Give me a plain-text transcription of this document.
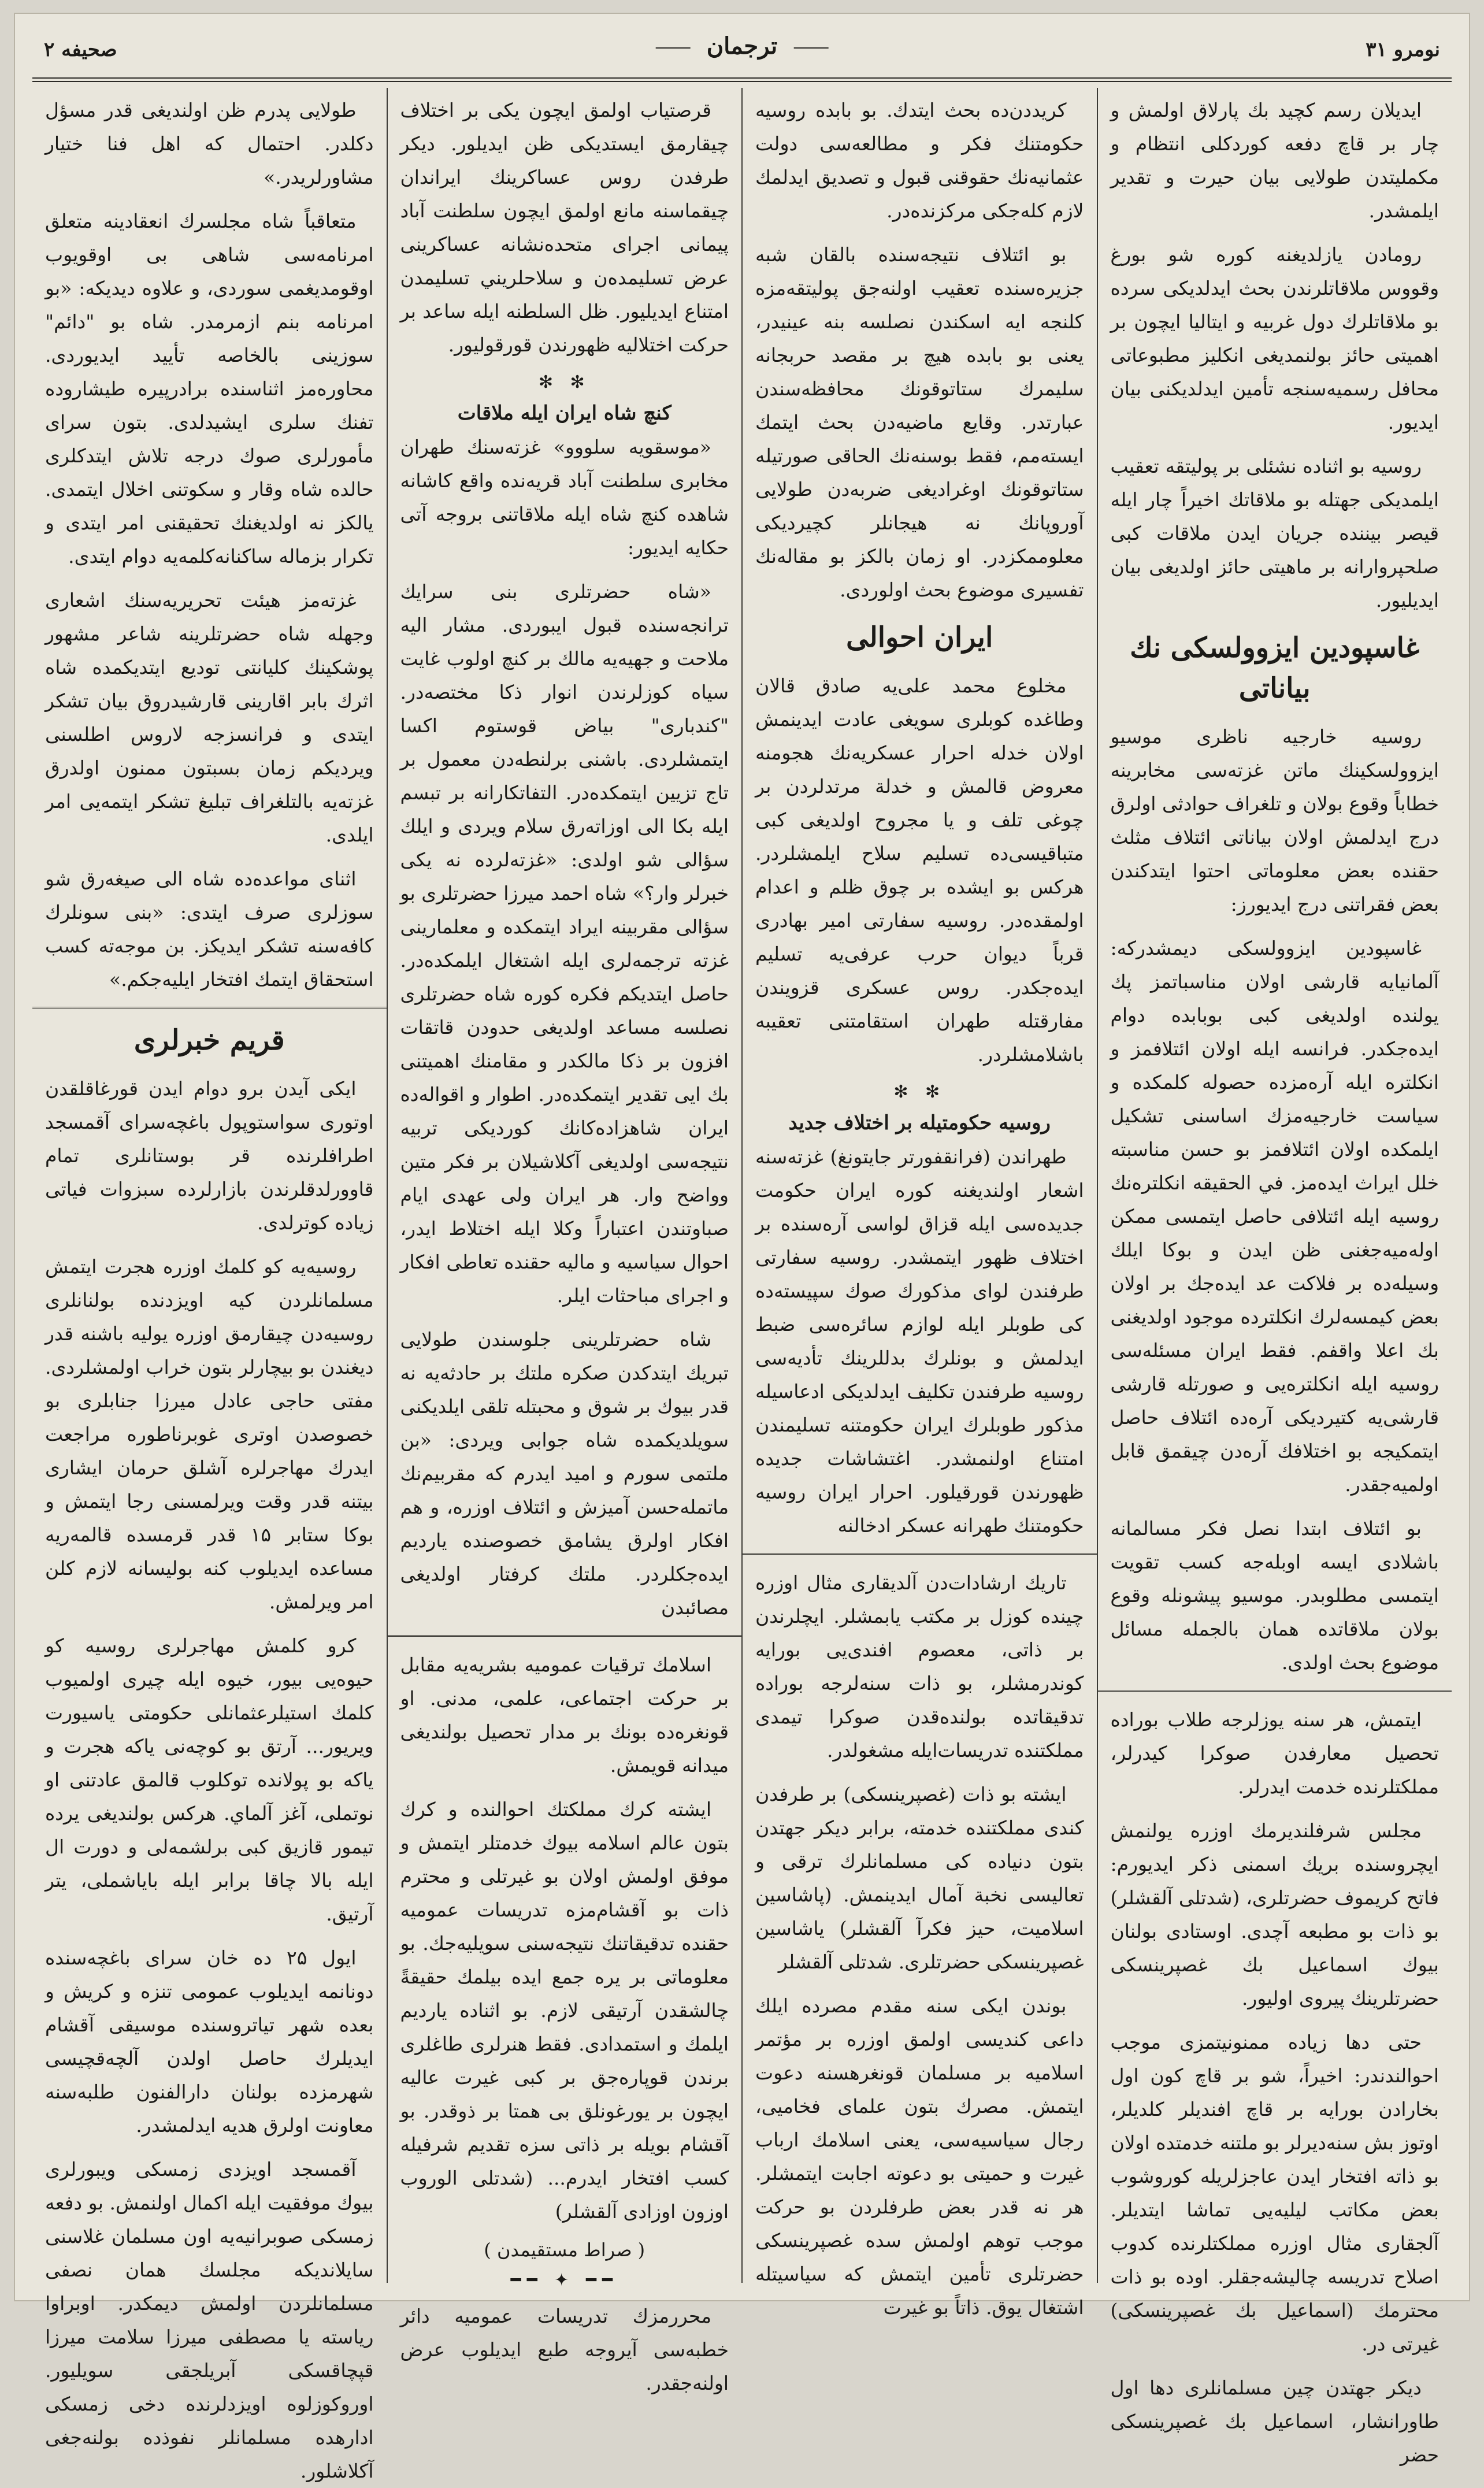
نومرو ۳۱
ترجمان
صحيفه ۲

ايديلان رسم كچيد بك پارلاق اولمش و چار بر قاچ دفعه كوردكلى انتظام و مكمليتدن طولايى بيان حيرت و تقدير ايلمشدر.

رومادن يازلديغنه كوره شو بورغ وقووس ملاقاتلرندن بحث ايدلديكى سرده بو ملاقاتلرك دول غربيه و ايتاليا ايچون بر اهميتى حائز بولنمديغى انكليز مطبوعاتى محافل رسميه‌سنجه تأمين ايدلديكنى بيان ايديور.

روسيه بو اثناده نشئلى بر پوليتقه تعقيب ايلمديكى جهتله بو ملاقاتك اخيراً چار ايله قيصر بيننده جريان ايدن ملاقات كبى صلحپروارانه بر ماهيتى حائز اولديغى بيان ايديليور.

غاسپودين ايزوولسكى نك بياناتى

روسيه خارجيه ناظرى موسيو ايزوولسكينك ماتن غزته‌سى مخابرينه خطاباً وقوع بولان و تلغراف حوادثى اولرق درج ايدلمش اولان بياناتى ائتلاف مثلث حقنده بعض معلوماتى احتوا ايتدكندن بعض فقراتنى درج ايديورز:

غاسپودين ايزوولسكى ديمشدركه: آلمانيايه قارشى اولان مناسباتمز پك يولنده اولديغى كبى بوبابده دوام ايده‌جكدر. فرانسه ايله اولان ائتلافمز و انكلتره ايله آره‌مزده حصوله كلمكده و سياست خارجيه‌مزك اساسنى تشكيل ايلمكده اولان ائتلافمز بو حسن مناسبته خلل ايراث ايده‌مز. في الحقيقه انكلتره‌نك روسيه ايله ائتلافى حاصل ايتمسى ممكن اوله‌ميه‌جغنى ظن ايدن و بوكا ايلك وسيله‌ده بر فلاكت عد ايده‌جك بر اولان بعض كيمسه‌لرك انكلترده موجود اولديغنى بك اعلا واقفم. فقط ايران مسئله‌سى روسيه ايله انكلتره‌يى و صورتله قارشى قارشى‌يه كتيرديكى آره‌ده ائتلاف حاصل ايتمكيجه بو اختلافك آره‌دن چيقمق قابل اولميه‌جقدر.

بو ائتلاف ابتدا نصل فكر مسالمانه باشلادى ايسه اوبله‌جه كسب تقويت ايتمسى مطلوبدر. موسيو پيشونله وقوع بولان ملاقاتده همان بالجمله مسائل موضوع بحث اولدى.

ايتمش، هر سنه يوزلرجه طلاب بوراده تحصيل معارفدن صوكرا كيدرلر، مملكتلرنده خدمت ايدرلر.

مجلس شرفلنديرمك اوزره يولنمش ايچروسنده بريك اسمنى ذكر ايديورم: فاتح كريموف حضرتلرى، (شدتلى آلقشلر) بو ذات بو مطبعه آچدى. اوستادى بولنان بيوك اسماعيل بك غصپرينسكى حضرتلرينك پيروى اوليور.

حتى دها زياده ممنونيتمزى موجب احوالندندر: اخيراً، شو بر قاچ كون اول بخارادن بورايه بر قاچ افنديلر كلديلر، اوتوز بش سنه‌ديرلر بو ملتنه خدمتده اولان بو ذاته افتخار ايدن عاجزلريله كوروشوب بعض مكاتب ليليه‌يى تماشا ايتديلر. آلجقارى مثال اوزره مملكتلرنده كدوب اصلاح تدريسه چاليشه‌جقلر. اوده بو ذات محترمك (اسماعيل بك غصپرينسكى) غيرتى در.

ديكر جهتدن چين مسلمانلرى دها اول طاورانشار، اسماعيل بك غصپرينسكى حضر

كريددن‌ده بحث ايتدك. بو بابده روسيه حكومتنك فكر و مطالعه‌سى دولت عثمانيه‌نك حقوقنى قبول و تصديق ايدلمك لازم كله‌جكى مركزنده‌در.

بو ائتلاف نتيجه‌سنده بالقان شبه جزيره‌سنده تعقيب اولنه‌جق پوليتقه‌مزه كلنجه ايه اسكندن نصلسه بنه عينيدر، يعنى بو بابده هيچ بر مقصد حربجانه سليمرك ستاتوقونك محافظه‌سندن عبارتدر. وقايع ماضيه‌دن بحث ايتمك ايسته‌مم، فقط بوسنه‌نك الحاقى صورتيله ستاتوقونك اوغراديغى ضربه‌دن طولايى آوروپانك نه هيجانلر كچيرديكى معلوممكزدر. او زمان بالكز بو مقاله‌نك تفسيرى موضوع بحث اولوردى.

ايران احوالى

مخلوع محمد على‌يه صادق قالان وطاغده كوبلرى سويغى عادت ايدينمش اولان خدله احرار عسكريه‌نك هجومنه معروض قالمش و خدلة مرتدلردن بر چوغى تلف و يا مجروح اولديغى كبى متباقيسى‌ده تسليم سلاح ايلمشلردر. هركس بو ايشده بر چوق ظلم و اعدام اولمقده‌در. روسيه سفارتى امير بهادرى قرباً ديوان حرب عرفى‌يه تسليم ايده‌جكدر. روس عسكرى قزويندن مفارقتله طهران استقامتنى تعقيبه باشلامشلردر.

✻ ✻
روسيه حكومتيله بر اختلاف جديد

طهراندن (فرانقفورتر جايتونغ) غزته‌سنه اشعار اولنديغنه كوره ايران حكومت جديده‌سى ايله قزاق لواسى آره‌سنده بر اختلاف ظهور ايتمشدر. روسيه سفارتى طرفندن لواى مذكورك صوك سپيسته‌ده كى طوبلر ايله لوازم سائره‌سى ضبط ايدلمش و بونلرك بدللرينك تأديه‌سى روسيه طرفندن تكليف ايدلديكى ادعاسيله مذكور طوبلرك ايران حكومتنه تسليمندن امتناع اولنمشدر. اغتشاشات جديده ظهورندن قورقيلور. احرار ايران روسيه حكومتنك طهرانه عسكر ادخالنه

تاريك ارشادات‌دن آلديقارى مثال اوزره چينده كوزل بر مكتب يابمشلر. ايچلرندن بر ذاتى، معصوم افندى‌يى بورايه كوندرمشلر، بو ذات سنه‌لرجه بوراده تدقيقاتده بولنده‌قدن صوكرا تيمدى مملكتنده تدريسات‌ايله مشغولدر.

ايشته بو ذات (غصپرينسكى) بر طرفدن كندى مملكتنده خدمته، برابر ديكر جهتدن بتون دنياده كى مسلمانلرك ترقى و تعاليسى نخبة آمال ايدينمش. (پاشاسين اسلاميت، حيز فكرآ آلقشلر) ياشاسين غصپرينسكى حضرتلرى. شدتلى آلقشلر

بوندن ايكى سنه مقدم مصرده ايلك داعى كنديسى اولمق اوزره بر مؤتمر اسلاميه بر مسلمان قونغرهسنه دعوت ايتمش. مصرك بتون علماى فخاميى، رجال سياسيه‌سى، يعنى اسلامك ارباب غيرت و حميتى بو دعوته اجابت ايتمشلر. هر نه قدر بعض طرفلردن بو حركت موجب توهم اولمش سده غصپرينسكى حضرتلرى تأمين ايتمش كه سياسيتله اشتغال يوق. ذاتاً بو غيرت

قرصتياب اولمق ايچون يكى بر اختلاف چيقارمق ايستديكى ظن ايديلور. ديكر طرفدن روس عساكرينك ايراندان چيقماسنه مانع اولمق ايچون سلطنت آباد پيمانى اجراى متحده‌نشانه عساكرينى عرض تسليمده‌ن و سلاحلريني تسليمدن امتناع ايديليور. ظل السلطنه ايله ساعد بر حركت اختلاليه ظهورندن قورقوليور.

✻ ✻
كنچ شاه ايران ايله ملاقات

«موسقويه سلووو» غزته‌سنك طهران مخابرى سلطنت آباد قريه‌نده واقع كاشانه شاهده كنچ شاه ايله ملاقاتنى بروجه آتى حكايه ايديور:

«شاه حضرتلرى بنى سرايك ترانجه‌سنده قبول ايبوردى. مشار اليه ملاحت و جهيه‌يه مالك بر كنچ اولوب غايت سياه كوزلرندن انوار ذكا مختصه‌در. "كندبارى" بياض قوستوم اكسا ايتمشلردى. باشنى برلنطه‌دن معمول بر تاج تزيين ايتمكده‌در. التفاتكارانه بر تبسم ايله بكا الى اوزاته‌رق سلام ويردى و ايلك سؤالى شو اولدى: «غزته‌لرده نه يكى خبرلر وار؟» شاه احمد ميرزا حضرتلرى بو سؤالى مقربينه ايراد ايتمكده و معلمارينى غزته ترجمه‌لرى ايله اشتغال ايلمكده‌در. حاصل ايتديكم فكره كوره شاه حضرتلرى نصلسه مساعد اولديغى حدودن قاتقات افزون بر ذكا مالكدر و مقامنك اهميتنى بك ايى تقدير ايتمكده‌در. اطوار و اقواله‌ده ايران شاهزاده‌كانك كورديكى تربيه نتيجه‌سى اولديغى آكلاشيلان بر فكر متين وواضح وار. هر ايران ولى عهدى ايام صباوتندن اعتباراً وكلا ايله اختلاط ايدر، احوال سياسيه و ماليه حقنده تعاطى افكار و اجراى مباحثات ايلر.

شاه حضرتلرينى جلوسندن طولايى تبريك ايتدكدن صكره ملتك بر حادثه‌يه نه قدر بيوك بر شوق و محبتله تلقى ايلديكنى سويلديكمده شاه جوابى ويردى: «بن ملتمى سورم و اميد ايدرم كه مقربيم‌نك ماتمله‌حسن آميزش و ائتلاف اوزره، و هم افكار اولرق يشامق خصوصنده يارديم ايده‌جكلردر. ملتك كرفتار اولديغى مصائبدن

اسلامك ترقيات عموميه بشريه‌يه مقابل بر حركت اجتماعى، علمى، مدنى. او قونغره‌ده بونك بر مدار تحصيل بولنديغى ميدانه قويمش.

ايشته كرك مملكتك احوالنده و كرك بتون عالم اسلامه بيوك خدمتلر ايتمش و موفق اولمش اولان بو غيرتلى و محترم ذات بو آقشام‌مزه تدريسات عموميه حقنده تدقيقاتنك نتيجه‌سنى سويليه‌جك. بو معلوماتى بر يره جمع ايده بيلمك حقيقةً چالشقدن آرتيقى لازم. بو اثناده يارديم ايلمك و استمدادى. فقط هنرلرى طاغلرى برندن قوپاره‌جق بر كبى غيرت عاليه ايچون بر يورغونلق بى همتا بر ذوقدر. بو آقشام بويله بر ذاتى سزه تقديم شرفيله كسب افتخار ايدرم... (شدتلى الوروب اوزون اوزادى آلقشلر)

( صراط مستقيمدن )
━━ ✦ ━━

محررمزك تدريسات عموميه دائر خطبه‌سى آيروجه طبع ايديلوب عرض اولنه‌جقدر.

طولايى پدرم ظن اولنديغى قدر مسؤل دكلدر. احتمال كه اهل فنا ختيار مشاورلريدر.»

متعاقباً شاه مجلسرك انعقادينه متعلق امرنامه‌سى شاهى بى اوقويوب اوقومديغمى سوردى، و علاوه ديديكه: «بو امرنامه بنم ازمرمدر. شاه بو "دائم" سوزينى بالخاصه تأييد ايديوردى. محاوره‌مز اثناسنده برادرپيره طيشاروده تفنك سلرى ايشيدلدى. بتون سراى مأمورلرى صوك درجه تلاش ايتدكلرى حالده شاه وقار و سكوتنى اخلال ايتمدى. يالكز نه اولديغنك تحقيقنى امر ايتدى و تكرار بزماله ساكنانه‌كلمه‌يه دوام ايتدى.

غزته‌مز هيئت تحريريه‌سنك اشعارى وجهله شاه حضرتلرينه شاعر مشهور پوشكينك كليانتى توديع ايتديكمده شاه اثرك بابر اقارينى قارشيدروق بيان تشكر ايتدى و فرانسزجه لاروس اطلسنى ويرديكم زمان بسبتون ممنون اولدرق غزته‌يه بالتلغراف تبليغ تشكر ايتمه‌يى امر ايلدى.

اثناى مواعده‌ده شاه الى صيغه‌رق شو سوزلرى صرف ايتدى: «بنى سونلرك كافه‌سنه تشكر ايديكز. بن موجه‌ته كسب استحقاق ايتمك افتخار ايليه‌جكم.»

قريم خبرلرى

ايكى آيدن برو دوام ايدن قورغاقلقدن اوتورى سواستوپول باغچه‌سراى آقمسجد اطرافلرنده قر بوستانلرى تمام قاوورلدقلرندن بازارلرده سبزوات فياتى زياده كوترلدى.

روسيه‌يه كو كلمك اوزره هجرت ايتمش مسلمانلردن كيه اويزدنده بولنانلرى روسيه‌دن چيقارمق اوزره يوليه باشنه قدر ديغندن بو بيچارلر بتون خراب اولمشلردى. مفتى حاجى عادل ميرزا جنابلرى بو خصوصدن اوترى غوبرناطوره مراجعت ايدرك مهاجرلره آشلق حرمان ايشارى بيتنه قدر وقت ويرلمسنى رجا ايتمش و بوكا ستابر ۱۵ قدر قرمسده قالمه‌ريه مساعده ايديلوب كنه بوليسانه لازم كلن امر ويرلمش.

كرو كلمش مهاجرلرى روسيه‌ كو حيوه‌يى بيور، خيوه ايله چيرى اولميوب كلمك استيلرعثمانلى حكومتى ياسيورت ويريور... آرتق بو كوچه‌نى ياكه هجرت و ياكه بو پولانده توكلوب قالمق عادتنى او نوتملى، آغز آلماي. هركس بولنديغى يرده تيمور قازيق كبى برلشمه‌لى و دورت ال ايله بالا چاقا برابر ايله باياشملى، يتر آرتيق.

ايول ۲۵ ده خان سراى باغچه‌سنده دونانمه ايديلوب عمومى تنزه و كريش و بعده شهر تياتروسنده موسيقى آقشام ايديلرك حاصل اولدن آلچه‌قچيسى شهرمزده بولنان دارالفنون طلبه‌سنه معاونت اولرق هديه ايدلمشدر.

آقمسجد اويزدى زمسكى ويبورلرى بيوك موفقيت ايله اكمال اولنمش. بو دفعه زمسكى صوبرانيه‌يه اون مسلمان غلاسنى سايلانديكه مجلسك همان نصفى مسلمانلردن اولمش ديمكدر. اوبراوا رياسته يا مصطفى ميرزا سلامت ميرزا قپچاقسكى آبريلجقى سويليور. اوروكوزلوه اويزدلرنده دخى زمسكى ادارهده مسلمانلر نفوذده بولنه‌جغى آكلاشلور.
